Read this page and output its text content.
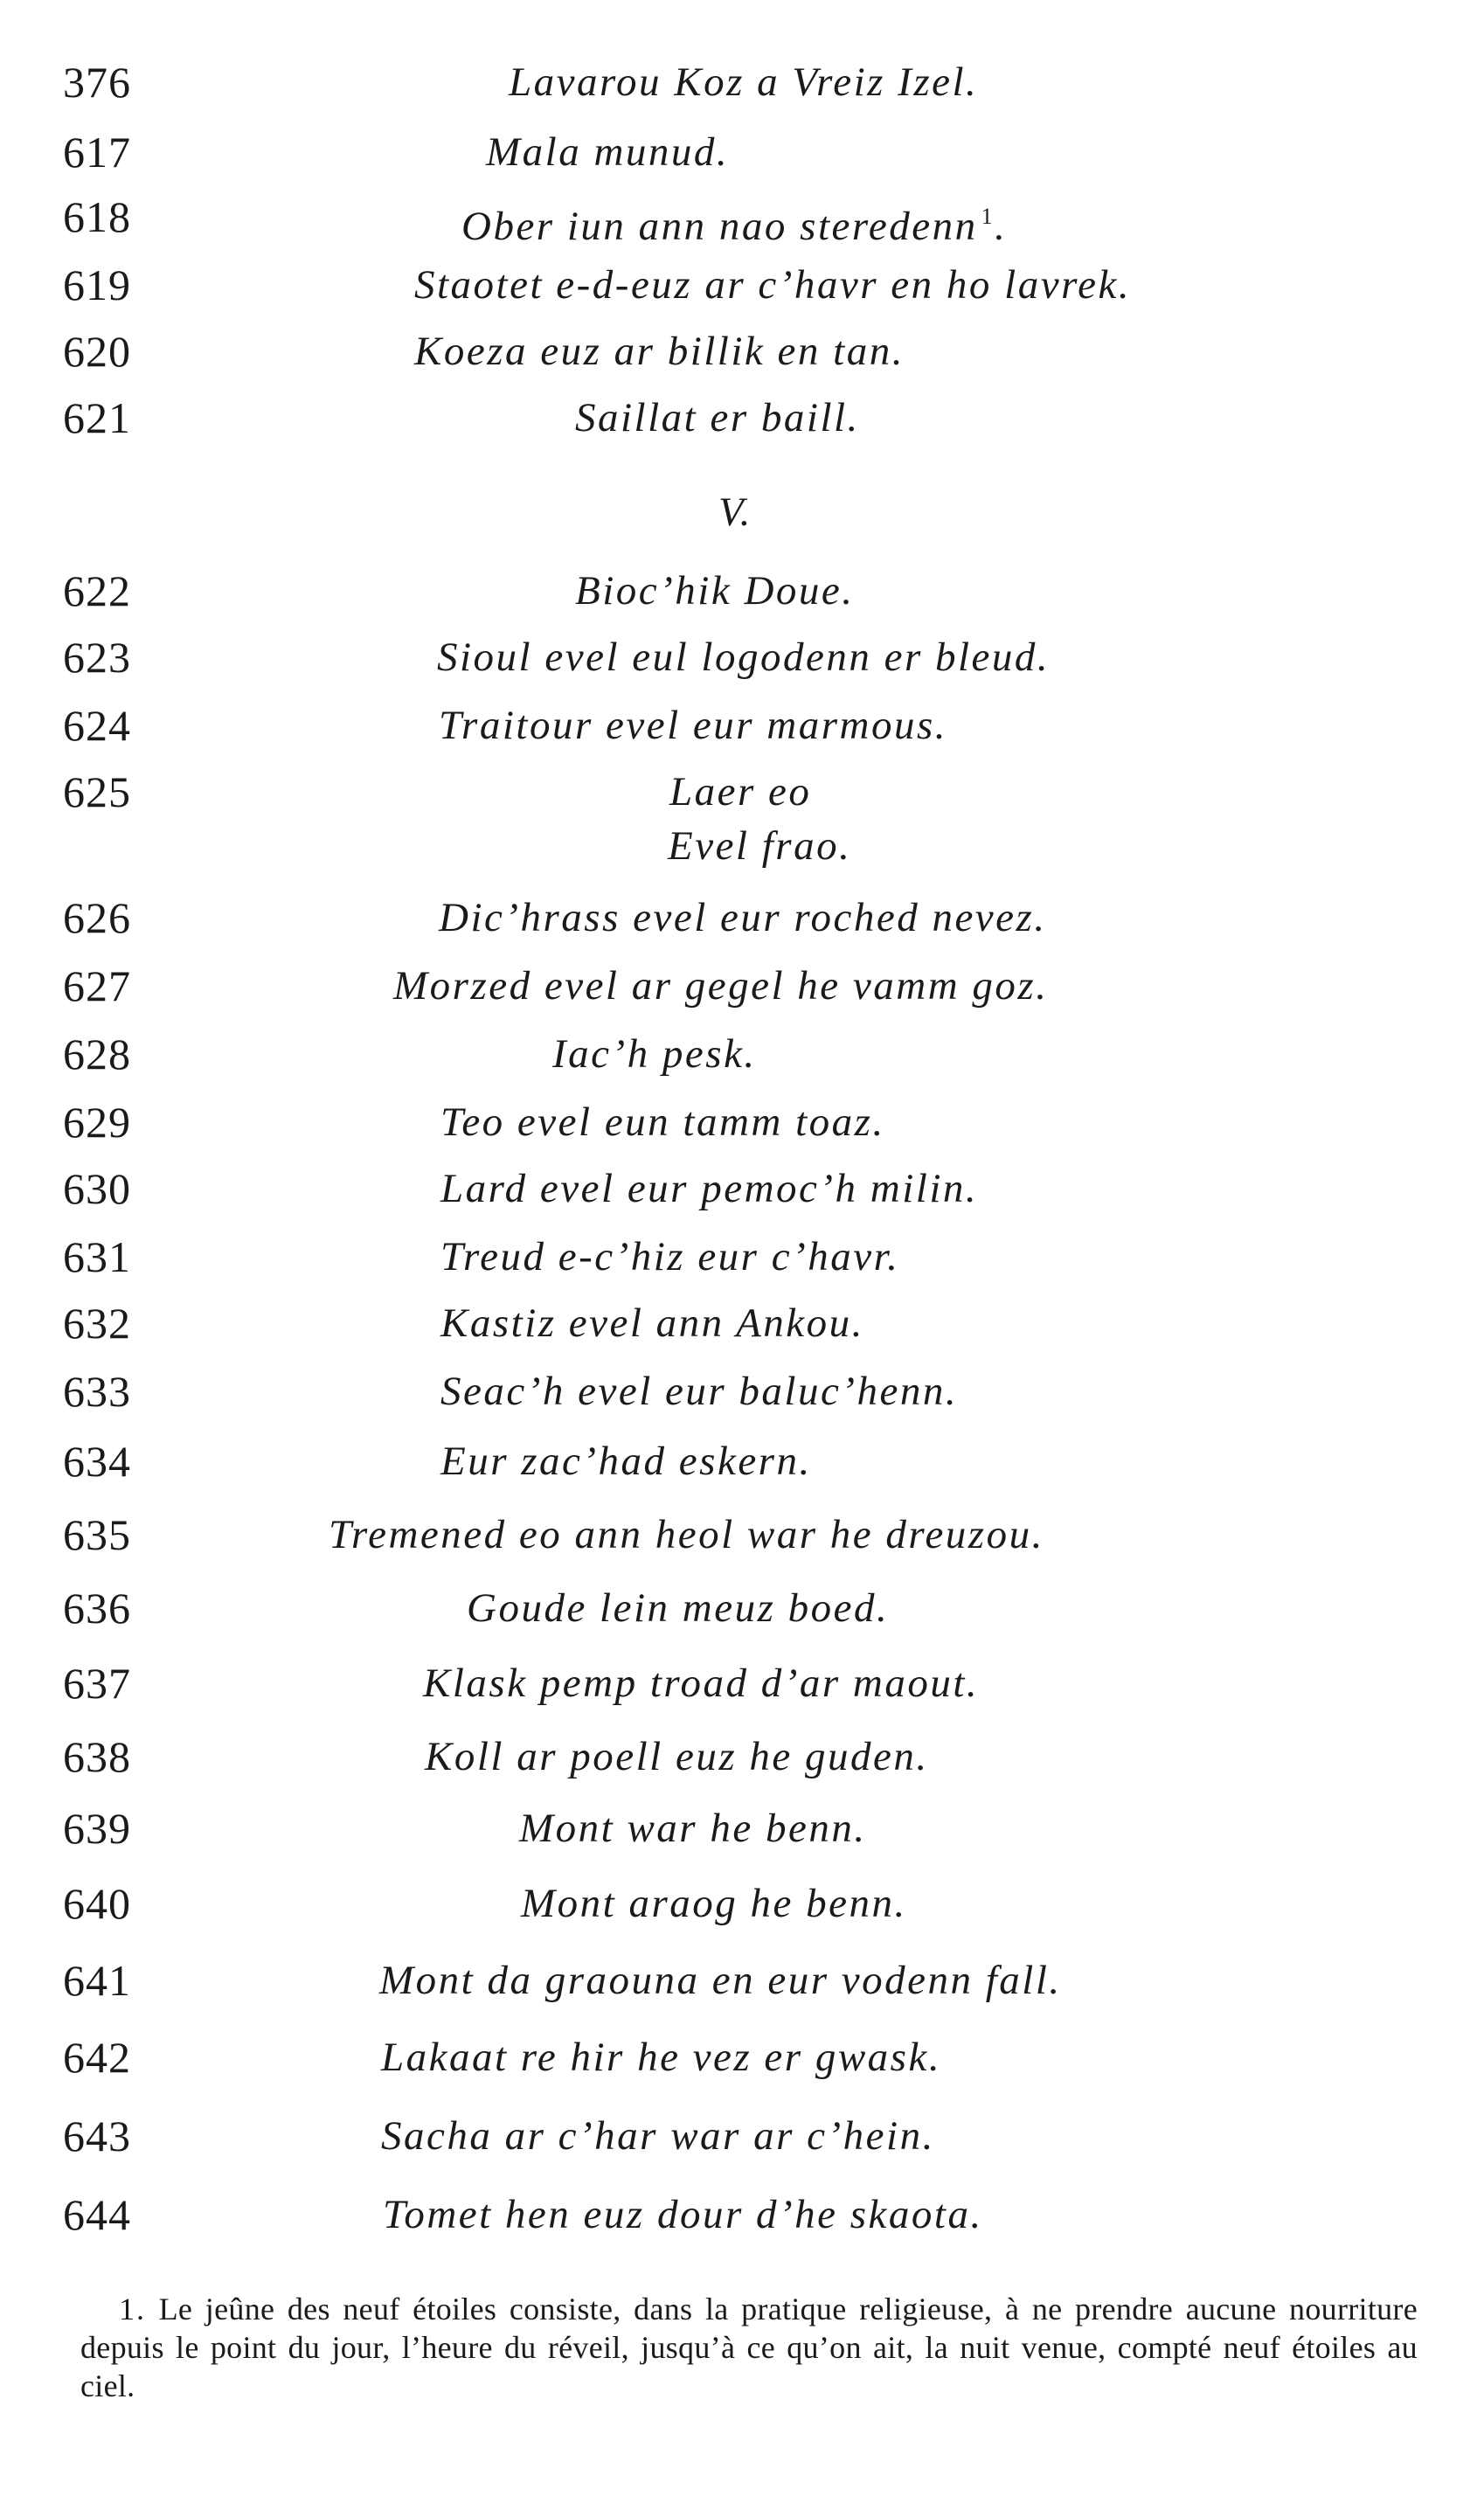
376	Lavarou Koz a Vreiz Izel.
617	Mala munud.
618	Ober iun ann nao steredenn $^1$.
619	Staotet e-d-euz ar c’havr en ho lavrek.
620	Koeza euz ar billik en tan.
621	Saillat er baill.
V.
622	Bioc’hik Doue.
623	Sioul evel eul logodenn er bleud.
624	Traitour evel eur marmous.
625	Laer eo
Evel frao.
626	Dic’hrass evel eur roched nevez.
627	Morzed evel ar gegel he vamm goz.
628	Iac’h pesk.
629	Teo evel eun tamm toaz.
630	Lard evel eur pemoc’h milin.
631	Treud e-c’hiz eur c’havr.
632	Kastiz evel ann Ankou.
633	Seac’h evel eur baluc’henn.
634	Eur zac’had eskern.
635	Tremened eo ann heol war he dreuzou.
636	Goude lein meuz boed.
637	Klask pemp troad d’ar maout.
638	Koll ar poell euz he guden.
639	Mont war he benn.
640	Mont araog he benn.
641	Mont da graouna en eur vodenn fall.
642	Lakaat re hir he vez er gwask.
643	Sacha ar c’har war ar c’hein.
644	Tomet hen euz dour d’he skaota.
1. Le jeûne des neuf étoiles consiste, dans la pratique religieuse, à ne prendre aucune nourriture depuis le point du jour, l’heure du réveil, jusqu’à ce qu’on ait, la nuit venue, compté neuf étoiles au ciel.
